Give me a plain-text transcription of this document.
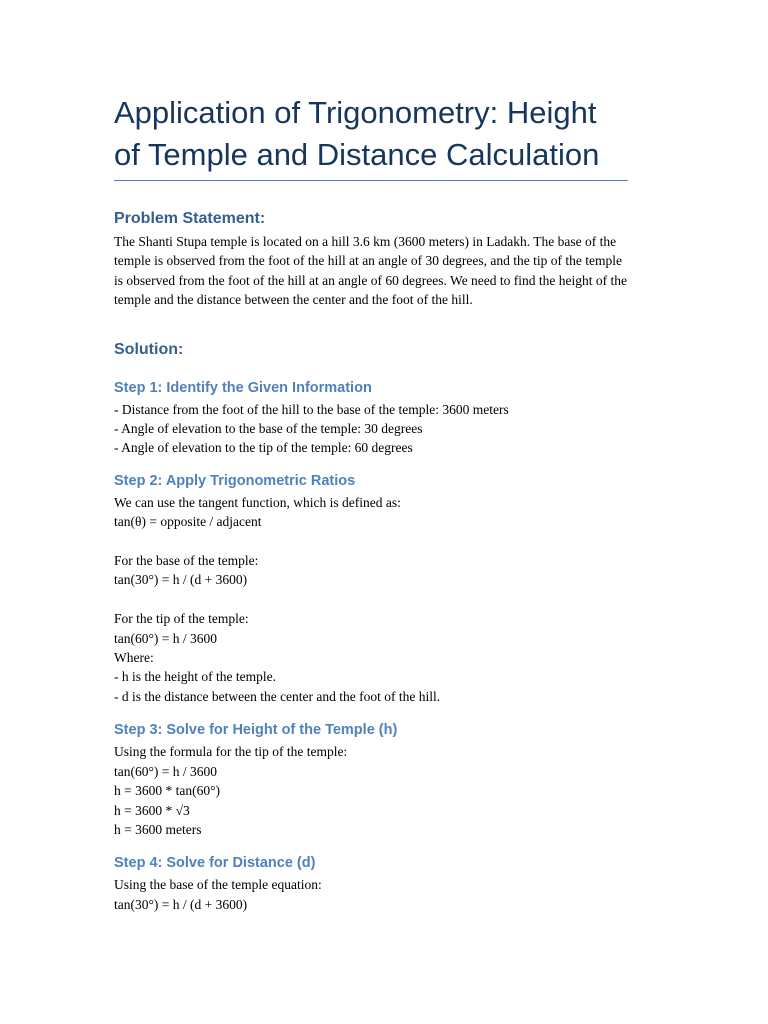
Application of Trigonometry: Height of Temple and Distance Calculation
Problem Statement:

The Shanti Stupa temple is located on a hill 3.6 km (3600 meters) in Ladakh. The base of the temple is observed from the foot of the hill at an angle of 30 degrees, and the tip of the temple is observed from the foot of the hill at an angle of 60 degrees. We need to find the height of the temple and the distance between the center and the foot of the hill.

Solution:
Step 1: Identify the Given Information

- Distance from the foot of the hill to the base of the temple: 3600 meters

- Angle of elevation to the base of the temple: 30 degrees

- Angle of elevation to the tip of the temple: 60 degrees

Step 2: Apply Trigonometric Ratios

We can use the tangent function, which is defined as:

tan(θ) = opposite / adjacent

For the base of the temple:

tan(30°) = h / (d + 3600)

For the tip of the temple:

tan(60°) = h / 3600

Where:

- h is the height of the temple.

- d is the distance between the center and the foot of the hill.

Step 3: Solve for Height of the Temple (h)

Using the formula for the tip of the temple:

tan(60°) = h / 3600

h = 3600 * tan(60°)

h = 3600 * √3

h = 3600 meters

Step 4: Solve for Distance (d)

Using the base of the temple equation:

tan(30°) = h / (d + 3600)
